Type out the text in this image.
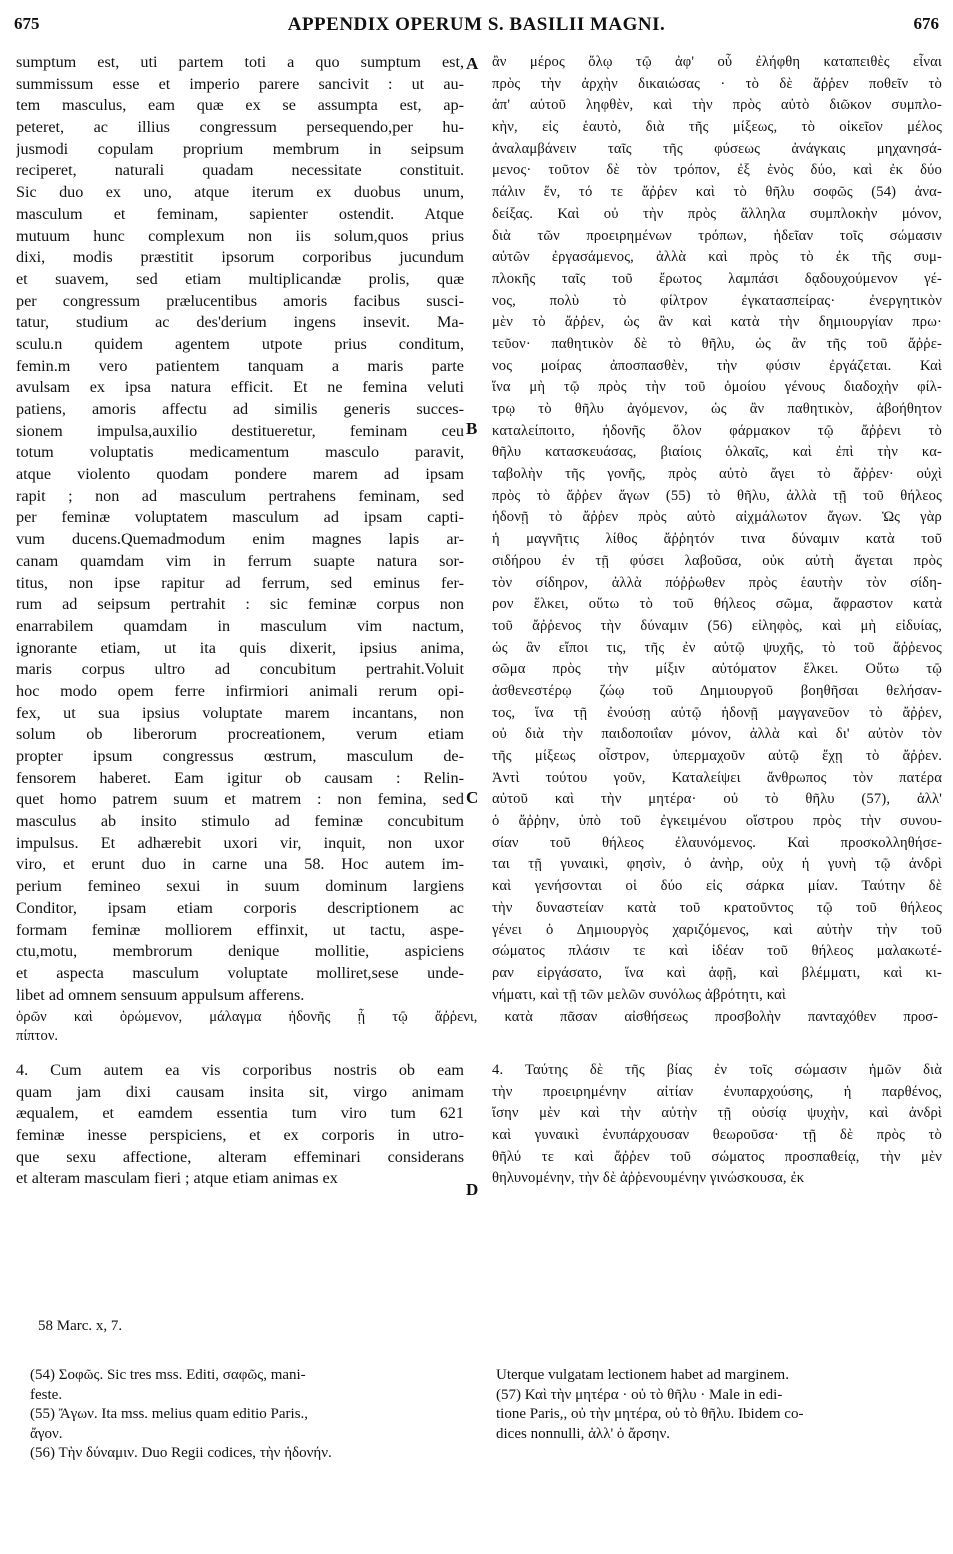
675	APPENDIX OPERUM S. BASILII MAGNI.	676
sumptum est, uti partem toti a quo sumptum est,
summissum esse et imperio parere sancivit : ut au-
tem masculus, eam quæ ex se assumpta est, ap-
peteret, ac illius congressum persequendo,per hu-
jusmodi copulam proprium membrum in seipsum
reciperet, naturali quadam necessitate constituit.
Sic duo ex uno, atque iterum ex duobus unum,
masculum et feminam, sapienter ostendit. Atque
mutuum hunc complexum non iis solum,quos prius
dixi, modis præstitit ipsorum corporibus jucundum
et suavem, sed etiam multiplicandæ prolis, quæ
per congressum prælucentibus amoris facibus susci-
tatur, studium ac des'derium ingens insevit. Ma-
sculu.n quidem agentem utpote prius conditum,
femin.m vero patientem tanquam a maris parte
avulsam ex ipsa natura efficit. Et ne femina veluti
patiens, amoris affectu ad similis generis succes-
sionem impulsa,auxilio destitueretur, feminam ceu
totum voluptatis medicamentum masculo paravit,
atque violento quodam pondere marem ad ipsam
rapit ; non ad masculum pertrahens feminam, sed
per feminæ voluptatem masculum ad ipsam capti-
vum ducens.Quemadmodum enim magnes lapis ar-
canam quamdam vim in ferrum suapte natura sor-
titus, non ipse rapitur ad ferrum, sed eminus fer-
rum ad seipsum pertrahit : sic feminæ corpus non
enarrabilem quamdam in masculum vim nactum,
ignorante etiam, ut ita quis dixerit, ipsius anima,
maris corpus ultro ad concubitum pertrahit.Voluit
hoc modo opem ferre infirmiori animali rerum opi-
fex, ut sua ipsius voluptate marem incantans, non
solum ob liberorum procreationem, verum etiam
propter ipsum congressus œstrum, masculum de-
fensorem haberet. Eam igitur ob causam : Relin-
quet homo patrem suum et matrem : non femina, sed
masculus ab insito stimulo ad feminæ concubitum
impulsus. Et adhærebit uxori vir, inquit, non uxor
viro, et erunt duo in carne una 58. Hoc autem im-
perium femineo sexui in suum dominum largiens
Conditor, ipsam etiam corporis descriptionem ac
formam feminæ molliorem effinxit, ut tactu, aspe-
ctu,motu, membrorum denique mollitie, aspiciens
et aspecta masculum voluptate molliret,sese unde-
libet ad omnem sensuum appulsum afferens.
ἂν μέρος ὅλῳ τῷ ἀφ' οὗ ἐλήφθη καταπειθὲς εἶναι
πρὸς τὴν ἀρχὴν δικαιώσας · τὸ δὲ ἄῤῥεν ποθεῖν τὸ
ἀπ' αὐτοῦ ληφθὲν, καὶ τὴν πρὸς αὐτὸ διῶκον συμπλο-
κὴν, εἰς ἑαυτὸ, διὰ τῆς μίξεως, τὸ οἰκεῖον μέλος
ἀναλαμβάνειν ταῖς τῆς φύσεως ἀνάγκαις μηχανησά-
μενος· τοῦτον δὲ τὸν τρόπον, ἐξ ἑνὸς δύο, καὶ ἐκ δύο
πάλιν ἕν, τό τε ἄῤῥεν καὶ τὸ θῆλυ σοφῶς (54) ἀνα-
δείξας. Καὶ οὐ τὴν πρὸς ἄλληλα συμπλοκὴν μόνον,
διὰ τῶν προειρημένων τρόπων, ἡδεῖαν τοῖς σώμασιν
αὐτῶν ἐργασάμενος, ἀλλὰ καὶ πρὸς τὸ ἐκ τῆς συμ-
πλοκῆς ταῖς τοῦ ἔρωτος λαμπάσι δᾳδουχούμενον γέ-
νος, πολὺ τὸ φίλτρον ἐγκατασπείρας· ἐνεργητικὸν
μὲν τὸ ἄῤῥεν, ὡς ἂν καὶ κατὰ τὴν δημιουργίαν πρω·
τεῦον· παθητικὸν δὲ τὸ θῆλυ, ὡς ἂν τῆς τοῦ ἄῤῥε-
νος μοίρας ἀποσπασθὲν, τὴν φύσιν ἐργάζεται. Καὶ
ἵνα μὴ τῷ πρὸς τὴν τοῦ ὁμοίου γένους διαδοχὴν φίλ-
τρῳ τὸ θῆλυ ἀγόμενον, ὡς ἂν παθητικὸν, ἀβοήθητον
καταλείποιτο, ἡδονῆς ὅλον φάρμακον τῷ ἄῤῥενι τὸ
θῆλυ κατασκευάσας, βιαίοις ὁλκαῖς, καὶ ἐπὶ τὴν κα-
ταβολὴν τῆς γονῆς, πρὸς αὐτὸ ἄγει τὸ ἄῤῥεν· οὐχὶ
πρὸς τὸ ἄῤῥεν ἄγων (55) τὸ θῆλυ, ἀλλὰ τῇ τοῦ θήλεος
ἡδονῇ τὸ ἄῤῥεν πρὸς αὐτὸ αἰχμάλωτον ἄγων. Ὡς γὰρ
ἡ μαγνῆτις λίθος ἄῤῥητόν τινα δύναμιν κατὰ τοῦ
σιδήρου ἐν τῇ φύσει λαβοῦσα, οὐκ αὐτὴ ἄγεται πρὸς
τὸν σίδηρον, ἀλλὰ πόῤῥωθεν πρὸς ἑαυτὴν τὸν σίδη-
ρον ἕλκει, οὕτω τὸ τοῦ θήλεος σῶμα, ἄφραστον κατὰ
τοῦ ἄῤῥενος τὴν δύναμιν (56) εἰληφὸς, καὶ μὴ εἰδυίας,
ὡς ἂν εἴποι τις, τῆς ἐν αὐτῷ ψυχῆς, τὸ τοῦ ἄῤῥενος
σῶμα πρὸς τὴν μίξιν αὐτόματον ἕλκει. Οὕτω τῷ
ἀσθενεστέρῳ ζώῳ τοῦ Δημιουργοῦ βοηθῆσαι θελήσαν-
τος, ἵνα τῇ ἐνούσῃ αὐτῷ ἡδονῇ μαγγανεῦον τὸ ἄῤῥεν,
οὐ διὰ τὴν παιδοποιΐαν μόνον, ἀλλὰ καὶ δι' αὐτὸν τὸν
τῆς μίξεως οἶστρον, ὑπερμαχοῦν αὐτῷ ἔχῃ τὸ ἄῤῥεν.
Ἀντὶ τούτου γοῦν, Καταλείψει ἄνθρωπος τὸν πατέρα
αὐτοῦ καὶ τὴν μητέρα· οὐ τὸ θῆλυ (57), ἀλλ'
ὁ ἄῤῥην, ὑπὸ τοῦ ἐγκειμένου οἴστρου πρὸς τὴν συνου-
σίαν τοῦ θήλεος ἐλαυνόμενος. Καὶ προσκολληθήσε-
ται τῇ γυναικὶ, φησὶν, ὁ ἀνὴρ, οὐχ ἡ γυνὴ τῷ ἀνδρὶ
καὶ γενήσονται οἱ δύο εἰς σάρκα μίαν. Ταύτην δὲ
τὴν δυναστείαν κατὰ τοῦ κρατοῦντος τῷ τοῦ θήλεος
γένει ὁ Δημιουργὸς χαριζόμενος, καὶ αὐτὴν τὴν τοῦ
σώματος πλάσιν τε καὶ ἰδέαν τοῦ θήλεος μαλακωτέ-
ραν εἰργάσατο, ἵνα καὶ ἁφῇ, καὶ βλέμματι, καὶ κι-
νήματι, καὶ τῇ τῶν μελῶν συνόλως ἁβρότητι, καὶ
A
B
C
D
ὁρῶν καὶ ὁρώμενον, μάλαγμα ἡδονῆς ᾖ τῷ ἄῤῥενι, κατὰ πᾶσαν αἰσθήσεως προσβολὴν πανταχόθεν προσ-
πίπτον.
4. Cum autem ea vis corporibus nostris ob eam
quam jam dixi causam insita sit, virgo animam
æqualem, et eamdem essentia tum viro tum 621
feminæ inesse perspiciens, et ex corporis in utro-
que sexu affectione, alteram effeminari considerans
et alteram masculam fieri ; atque etiam animas ex
4. Ταύτης δὲ τῆς βίας ἐν τοῖς σώμασιν ἡμῶν διὰ
τὴν προειρημένην αἰτίαν ἐνυπαρχούσης, ἡ παρθένος,
ἴσην μὲν καὶ τὴν αὐτὴν τῇ οὐσίᾳ ψυχὴν, καὶ ἀνδρὶ
καὶ γυναικὶ ἐνυπάρχουσαν θεωροῦσα· τῇ δὲ πρὸς τὸ
θῆλύ τε καὶ ἄῤῥεν τοῦ σώματος προσπαθείᾳ, τὴν μὲν
θηλυνομένην, τὴν δὲ ἀῤῥενουμένην γινώσκουσα, ἐκ
58 Marc. x, 7.
(54) Σοφῶς. Sic tres mss. Editi, σαφῶς, mani-
feste.
(55) Ἄγων. Ita mss. melius quam editio Paris.,
ἄγον.
(56) Τὴν δύναμιν. Duo Regii codices, τὴν ἡδονήν.
Uterque vulgatam lectionem habet ad marginem.
(57) Καὶ τὴν μητέρα · οὐ τὸ θῆλυ · Male in edi-
tione Paris,, οὐ τὴν μητέρα, οὐ τὸ θῆλυ. Ibidem co-
dices nonnulli, ἀλλ' ὁ ἄρσην.
